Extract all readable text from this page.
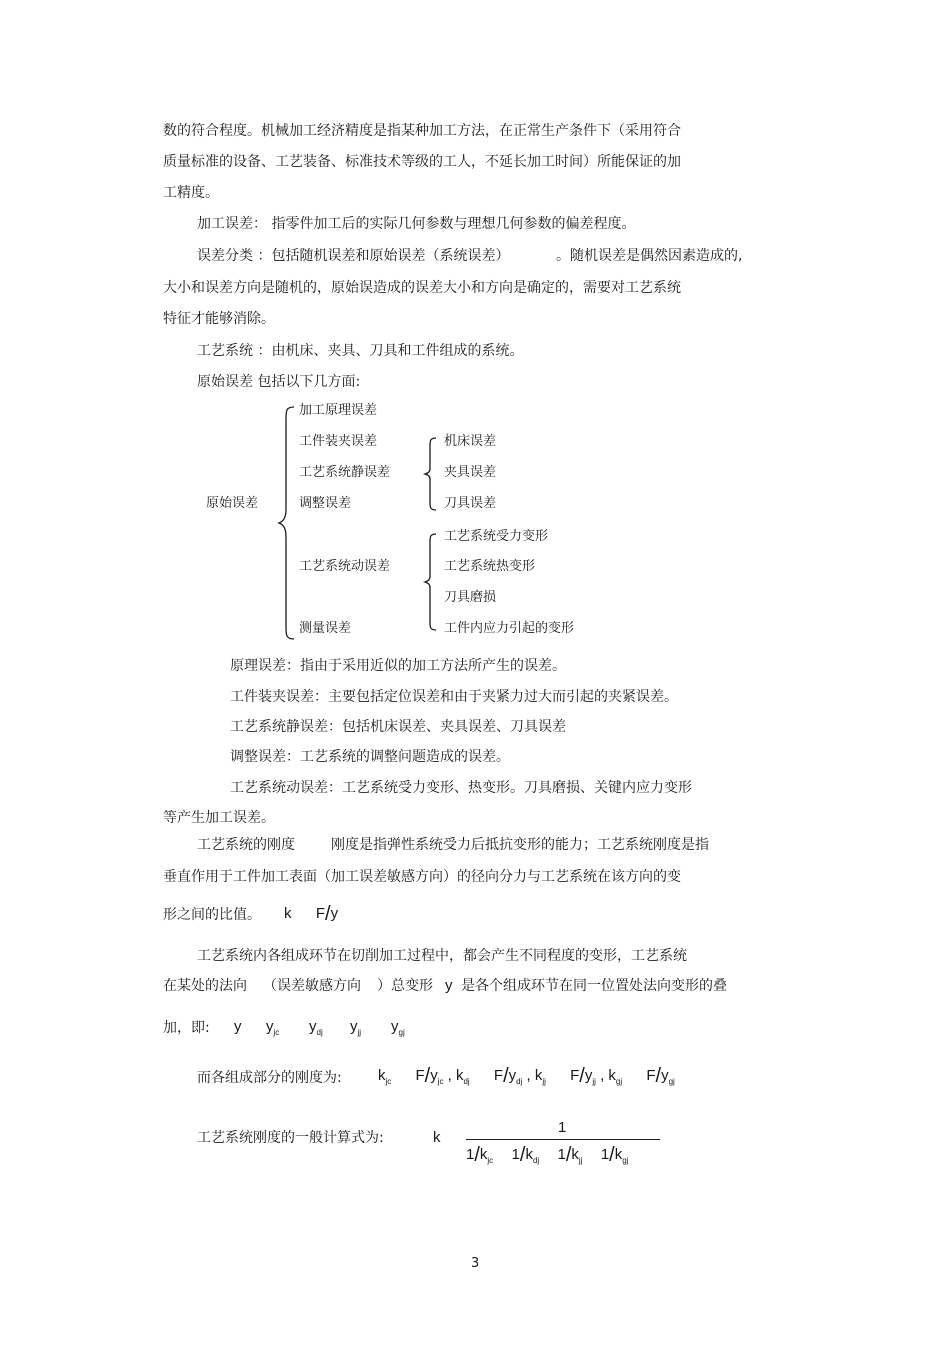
数的符合程度。机械加工经济精度是指某种加工方法，在正常生产条件下（采用符合
质量标准的设备、工艺装备、标准技术等级的工人，不延长加工时间）所能保证的加
工精度。
加工误差： 指零件加工后的实际几何参数与理想几何参数的偏差程度。
误差分类 ：包括随机误差和原始误差（系统误差）	。随机误差是偶然因素造成的,
大小和误差方向是随机的，原始误造成的误差大小和方向是确定的，需要对工艺系统
特征才能够消除。
工艺系统 ：由机床、夹具、刀具和工件组成的系统。
原始误差 包括以下几方面:
原始误差
加工原理误差
工件装夹误差
工艺系统静误差
调整误差
工艺系统动误差
测量误差
机床误差
夹具误差
刀具误差
工艺系统受力变形
工艺系统热变形
刀具磨损
工件内应力引起的变形
原理误差：指由于采用近似的加工方法所产生的误差。
工件装夹误差：主要包括定位误差和由于夹紧力过大而引起的夹紧误差。
工艺系统静误差：包括机床误差、夹具误差、刀具误差
调整误差：工艺系统的调整问题造成的误差。
工艺系统动误差：工艺系统受力变形、热变形。刀具磨损、关键内应力变形
等产生加工误差。
工艺系统的刚度	刚度是指弹性系统受力后抵抗变形的能力；工艺系统刚度是指
垂直作用于工件加工表面（加工误差敏感方向）的径向分力与工艺系统在该方向的变
形之间的比值。 k F/y
工艺系统内各组成环节在切削加工过程中，都会产生不同程度的变形，工艺系统
在某处的法向 （误差敏感方向 ）总变形 y 是各个组成环节在同一位置处法向变形的叠
加，即: y $y_{jc}$ $y_{dj}$ $y_{jj}$ $y_{gj}$
而各组成部分的刚度为: $k_{jc}$ $F/y_{jc}$ , $k_{dj}$ $F/y_{dj}$ , $k_{jj}$ $F/y_{jj}$ , $k_{gj}$ $F/y_{gj}$
工艺系统刚度的一般计算式为:	k
1
$1/k_{jc}$ $1/k_{dj}$ $1/k_{jj}$ $1/k_{gj}$
3
